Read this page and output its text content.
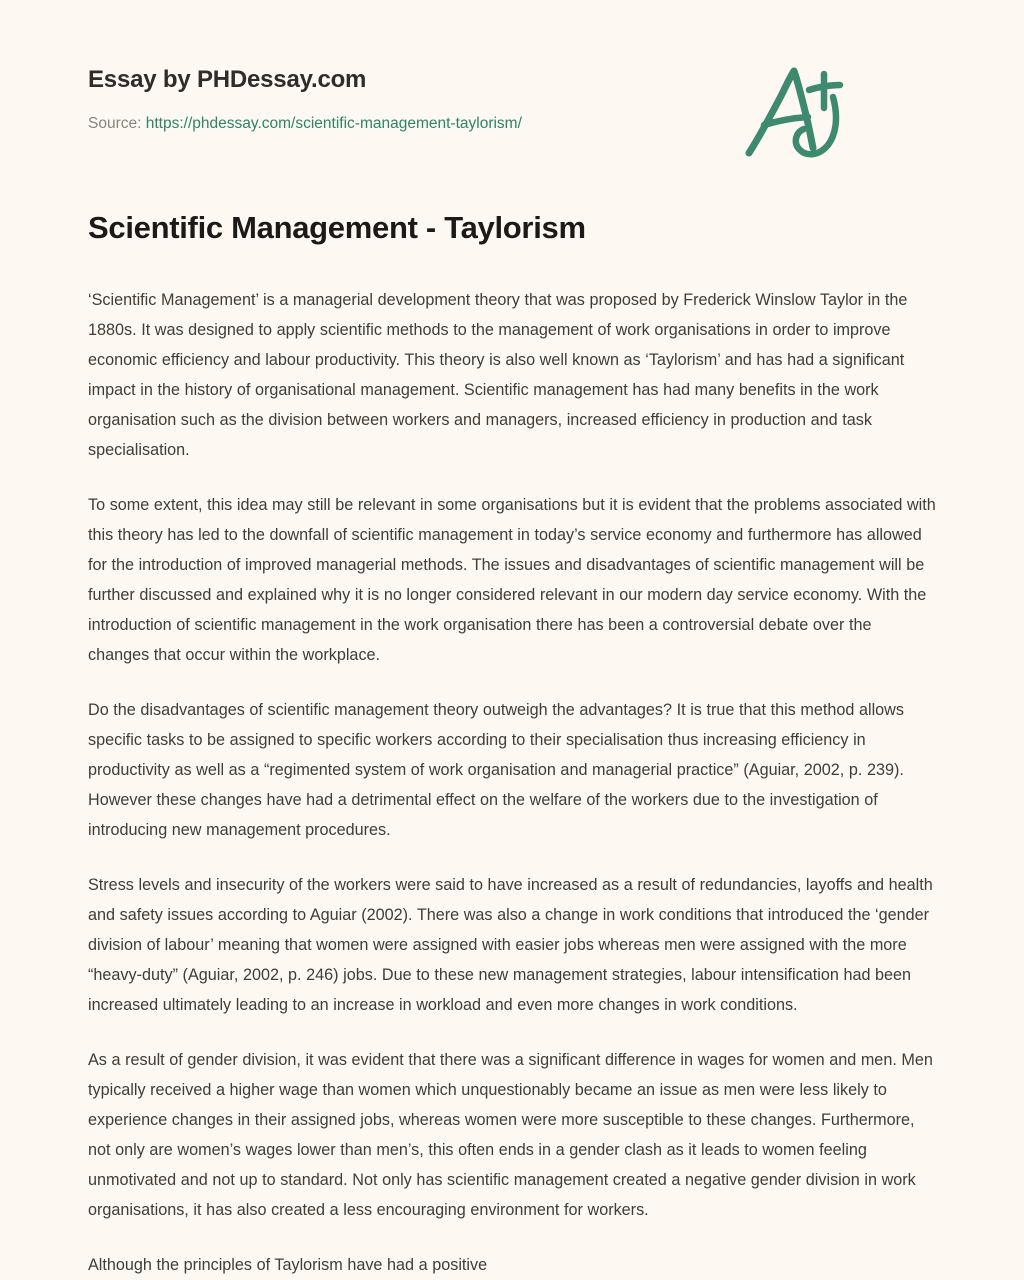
Essay by PHDessay.com
Source: https://phdessay.com/scientific-management-taylorism/
Scientific Management - Taylorism

‘Scientific Management’ is a managerial development theory that was proposed by Frederick Winslow Taylor in the 1880s. It was designed to apply scientific methods to the management of work organisations in order to improve economic efficiency and labour productivity. This theory is also well known as ‘Taylorism’ and has had a significant impact in the history of organisational management. Scientific management has had many benefits in the work organisation such as the division between workers and managers, increased efficiency in production and task specialisation.

To some extent, this idea may still be relevant in some organisations but it is evident that the problems associated with this theory has led to the downfall of scientific management in today’s service economy and furthermore has allowed for the introduction of improved managerial methods. The issues and disadvantages of scientific management will be further discussed and explained why it is no longer considered relevant in our modern day service economy. With the introduction of scientific management in the work organisation there has been a controversial debate over the changes that occur within the workplace.

Do the disadvantages of scientific management theory outweigh the advantages? It is true that this method allows specific tasks to be assigned to specific workers according to their specialisation thus increasing efficiency in productivity as well as a “regimented system of work organisation and managerial practice” (Aguiar, 2002, p. 239). However these changes have had a detrimental effect on the welfare of the workers due to the investigation of introducing new management procedures.

Stress levels and insecurity of the workers were said to have increased as a result of redundancies, layoffs and health and safety issues according to Aguiar (2002). There was also a change in work conditions that introduced the ‘gender division of labour’ meaning that women were assigned with easier jobs whereas men were assigned with the more “heavy-duty” (Aguiar, 2002, p. 246) jobs. Due to these new management strategies, labour intensification had been increased ultimately leading to an increase in workload and even more changes in work conditions.

As a result of gender division, it was evident that there was a significant difference in wages for women and men. Men typically received a higher wage than women which unquestionably became an issue as men were less likely to experience changes in their assigned jobs, whereas women were more susceptible to these changes. Furthermore, not only are women’s wages lower than men’s, this often ends in a gender clash as it leads to women feeling unmotivated and not up to standard. Not only has scientific management created a negative gender division in work organisations, it has also created a less encouraging environment for workers.

Although the principles of Taylorism have had a positive
